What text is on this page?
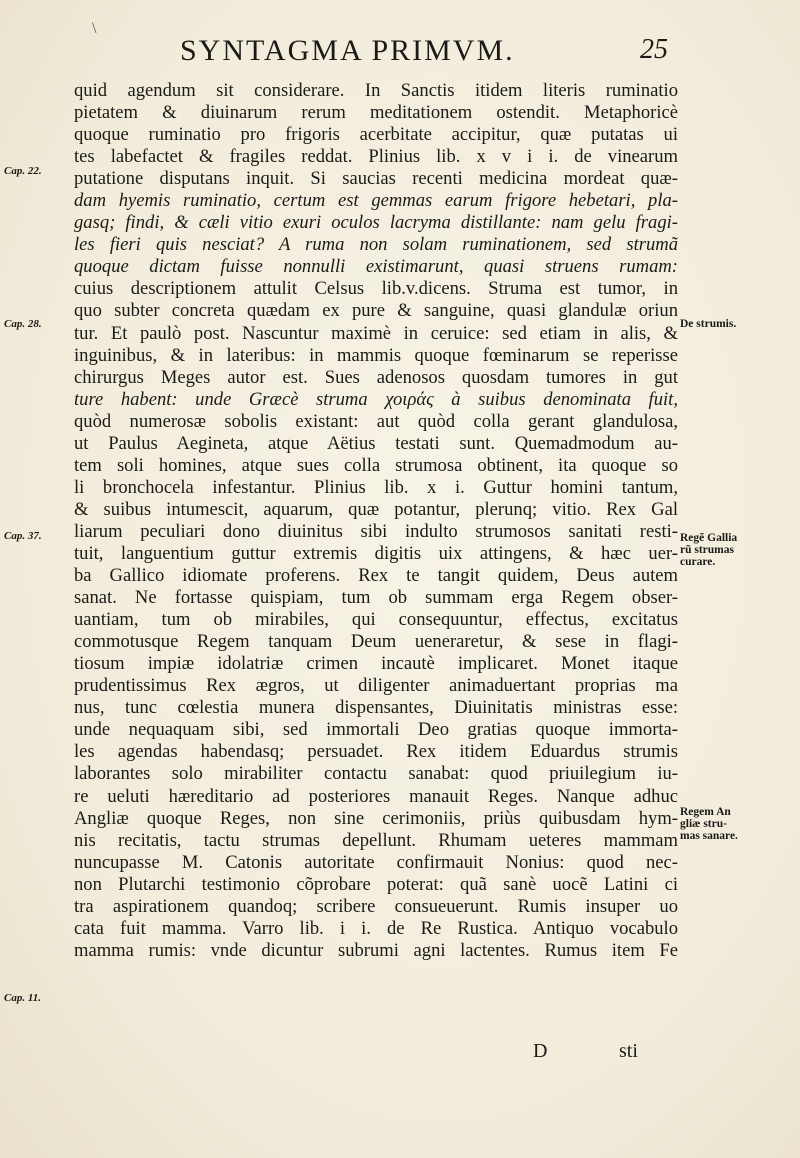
\
SYNTAGMA PRIMVM.	25
quid agendum sit considerare. In Sanctis itidem literis ruminatio
pietatem & diuinarum rerum meditationem ostendit. Metaphoricè
quoque ruminatio pro frigoris acerbitate accipitur, quæ putatas ui
tes labefactet & fragiles reddat. Plinius lib. x v i i. de vinearum
putatione disputans inquit. Si saucias recenti medicina mordeat quæ-
dam hyemis ruminatio, certum est gemmas earum frigore hebetari, pla-
gasq; findi, & cæli vitio exuri oculos lacryma distillante: nam gelu fragi-
les fieri quis nesciat? A ruma non solam ruminationem, sed strumã
quoque dictam fuisse nonnulli existimarunt, quasi struens rumam:
cuius descriptionem attulit Celsus lib.v.dicens. Struma est tumor, in
quo subter concreta quædam ex pure & sanguine, quasi glandulæ oriun
tur. Et paulò post. Nascuntur maximè in ceruice: sed etiam in alis, &
inguinibus, & in lateribus: in mammis quoque fœminarum se reperisse
chirurgus Meges autor est. Sues adenosos quosdam tumores in gut
ture habent: unde Græcè struma χοιράς à suibus denominata fuit,
quòd numerosæ sobolis existant: aut quòd colla gerant glandulosa,
ut Paulus Aegineta, atque Aëtius testati sunt. Quemadmodum au-
tem soli homines, atque sues colla strumosa obtinent, ita quoque so
li bronchocela infestantur. Plinius lib. x i. Guttur homini tantum,
& suibus intumescit, aquarum, quæ potantur, plerunq; vitio. Rex Gal
liarum peculiari dono diuinitus sibi indulto strumosos sanitati resti-
tuit, languentium guttur extremis digitis uix attingens, & hæc uer-
ba Gallico idiomate proferens. Rex te tangit quidem, Deus autem
sanat. Ne fortasse quispiam, tum ob summam erga Regem obser-
uantiam, tum ob mirabiles, qui consequuntur, effectus, excitatus
commotusque Regem tanquam Deum ueneraretur, & sese in flagi-
tiosum impiæ idolatriæ crimen incautè implicaret. Monet itaque
prudentissimus Rex ægros, ut diligenter animaduertant proprias ma
nus, tunc cœlestia munera dispensantes, Diuinitatis ministras esse:
unde nequaquam sibi, sed immortali Deo gratias quoque immorta-
les agendas habendasq; persuadet. Rex itidem Eduardus strumis
laborantes solo mirabiliter contactu sanabat: quod priuilegium iu-
re ueluti hæreditario ad posteriores manauit Reges. Nanque adhuc
Angliæ quoque Reges, non sine cerimoniis, priùs quibusdam hym-
nis recitatis, tactu strumas depellunt. Rhumam ueteres mammam
nuncupasse M. Catonis autoritate confirmauit Nonius: quod nec-
non Plutarchi testimonio cõprobare poterat: quã sanè uocẽ Latini ci
tra aspirationem quandoq; scribere consueuerunt. Rumis insuper uo
cata fuit mamma. Varro lib. i i. de Re Rustica. Antiquo vocabulo
mamma rumis: vnde dicuntur subrumi agni lactentes. Rumus item Fe
Cap. 22.
Cap. 28.
Cap. 37.
Cap. 11.
De strumis.
Regẽ Gallia
rũ strumas
curare.
Regem An
gliæ stru-
mas sanare.
D	sti
